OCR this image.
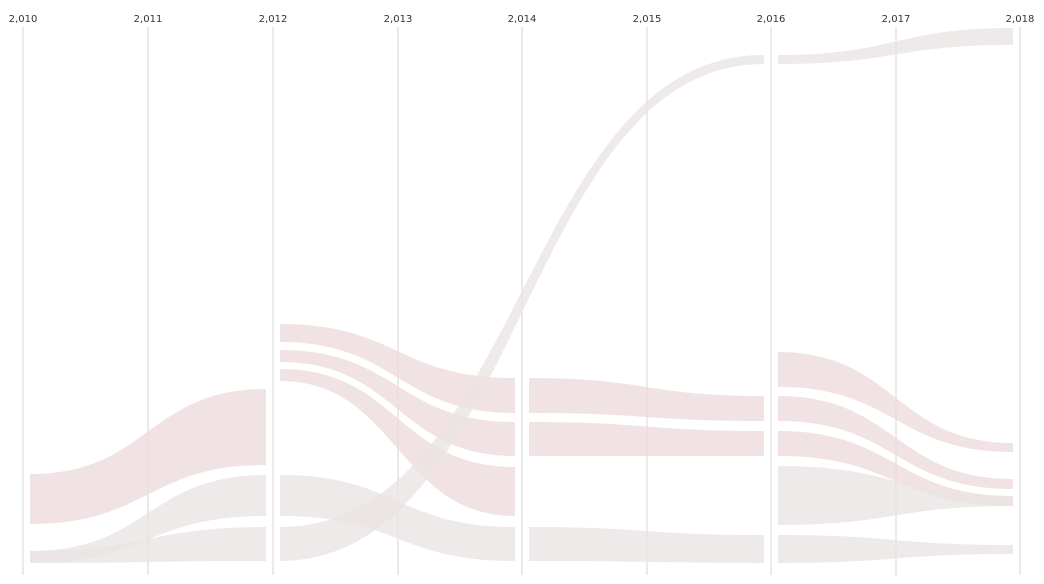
2,010	2,011	2,012	2,013	2,014	2,015	2,016	2,017	2,018
